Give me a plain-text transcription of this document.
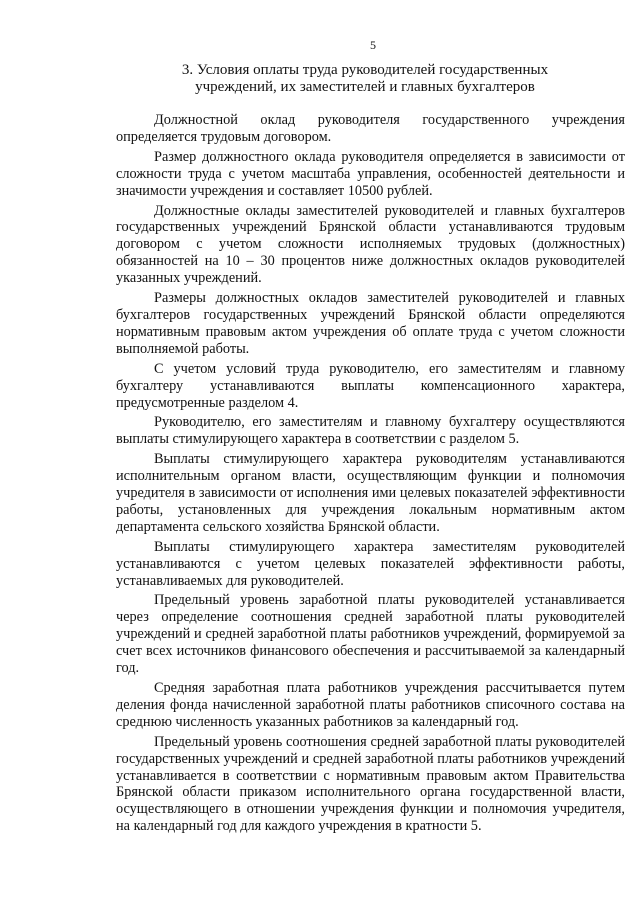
5
3. Условия оплаты труда руководителей государственных учреждений, их заместителей и главных бухгалтеров

Должностной оклад руководителя государственного учреждения определяется трудовым договором.

Размер должностного оклада руководителя определяется в зависимости от сложности труда с учетом масштаба управления, особенностей деятельности и значимости учреждения и составляет 10500 рублей.

Должностные оклады заместителей руководителей и главных бухгалтеров государственных учреждений Брянской области устанавливаются трудовым договором с учетом сложности исполняемых трудовых (должностных) обязанностей на 10 – 30 процентов ниже должностных окладов руководителей указанных учреждений.

Размеры должностных окладов заместителей руководителей и главных бухгалтеров государственных учреждений Брянской области определяются нормативным правовым актом учреждения об оплате труда с учетом сложности выполняемой работы.

С учетом условий труда руководителю, его заместителям и главному бухгалтеру устанавливаются выплаты компенсационного характера, предусмотренные разделом 4.

Руководителю, его заместителям и главному бухгалтеру осуществляются выплаты стимулирующего характера в соответствии с разделом 5.

Выплаты стимулирующего характера руководителям устанавливаются исполнительным органом власти, осуществляющим функции и полномочия учредителя в зависимости от исполнения ими целевых показателей эффективности работы, установленных для учреждения локальным нормативным актом департамента сельского хозяйства Брянской области.

Выплаты стимулирующего характера заместителям руководителей устанавливаются с учетом целевых показателей эффективности работы, устанавливаемых для руководителей.

Предельный уровень заработной платы руководителей устанавливается через определение соотношения средней заработной платы руководителей учреждений и средней заработной платы работников учреждений, формируемой за счет всех источников финансового обеспечения и рассчитываемой за календарный год.

Средняя заработная плата работников учреждения рассчитывается путем деления фонда начисленной заработной платы работников списочного состава на среднюю численность указанных работников за календарный год.

Предельный уровень соотношения средней заработной платы руководителей государственных учреждений и средней заработной платы работников учреждений устанавливается в соответствии с нормативным правовым актом Правительства Брянской области приказом исполнительного органа государственной власти, осуществляющего в отношении учреждения функции и полномочия учредителя, на календарный год для каждого учреждения в кратности 5.
